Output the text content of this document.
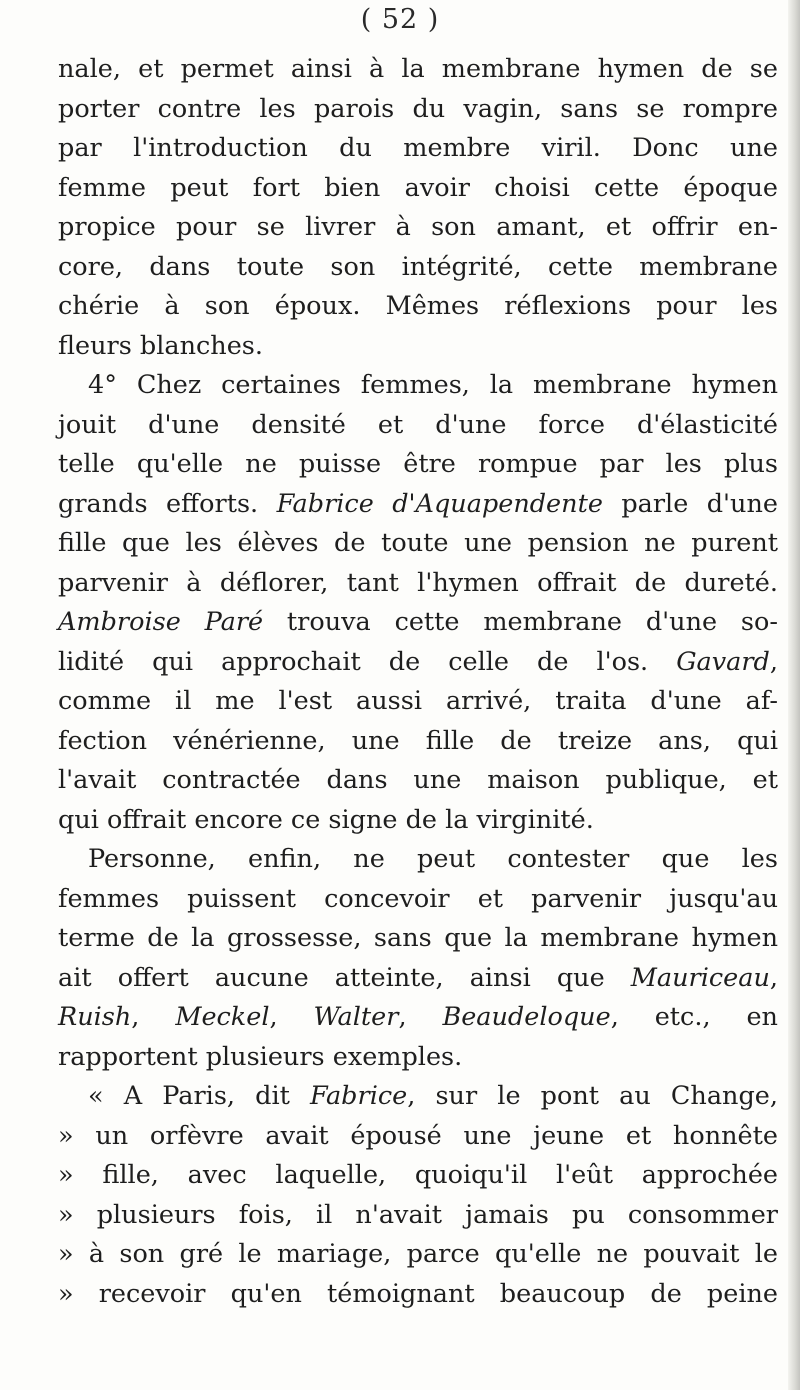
( 52 )
nale, et permet ainsi à la membrane hymen de se
porter contre les parois du vagin, sans se rompre
par l'introduction du membre viril. Donc une
femme peut fort bien avoir choisi cette époque
propice pour se livrer à son amant, et offrir en-
core, dans toute son intégrité, cette membrane
chérie à son époux. Mêmes réflexions pour les
fleurs blanches.
4° Chez certaines femmes, la membrane hymen
jouit d'une densité et d'une force d'élasticité
telle qu'elle ne puisse être rompue par les plus
grands efforts. Fabrice d'Aquapendente parle d'une
fille que les élèves de toute une pension ne purent
parvenir à déflorer, tant l'hymen offrait de dureté.
Ambroise Paré trouva cette membrane d'une so-
lidité qui approchait de celle de l'os. Gavard,
comme il me l'est aussi arrivé, traita d'une af-
fection vénérienne, une fille de treize ans, qui
l'avait contractée dans une maison publique, et
qui offrait encore ce signe de la virginité.
Personne, enfin, ne peut contester que les
femmes puissent concevoir et parvenir jusqu'au
terme de la grossesse, sans que la membrane hymen
ait offert aucune atteinte, ainsi que Mauriceau,
Ruish, Meckel, Walter, Beaudeloque, etc., en
rapportent plusieurs exemples.
« A Paris, dit Fabrice, sur le pont au Change,
» un orfèvre avait épousé une jeune et honnête
» fille, avec laquelle, quoiqu'il l'eût approchée
» plusieurs fois, il n'avait jamais pu consommer
» à son gré le mariage, parce qu'elle ne pouvait le
» recevoir qu'en témoignant beaucoup de peine
